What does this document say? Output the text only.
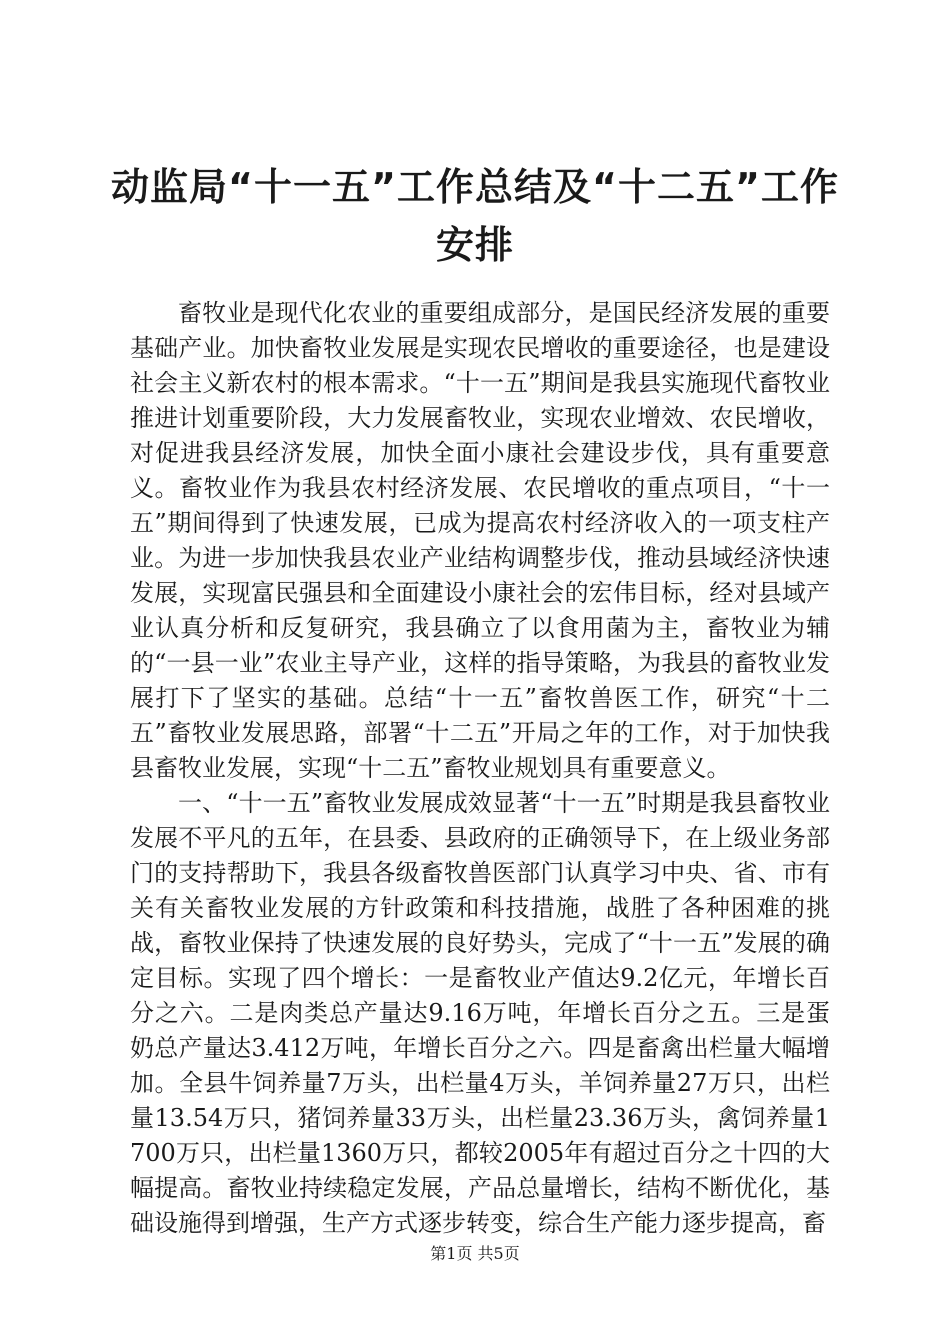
动监局“十一五”工作总结及“十二五”工作
安排

畜牧业是现代化农业的重要组成部分，是国民经济发展的重要基础产业。加快畜牧业发展是实现农民增收的重要途径，也是建设社会主义新农村的根本需求。“十一五”期间是我县实施现代畜牧业推进计划重要阶段，大力发展畜牧业，实现农业增效、农民增收，对促进我县经济发展，加快全面小康社会建设步伐，具有重要意义。畜牧业作为我县农村经济发展、农民增收的重点项目，“十一五”期间得到了快速发展，已成为提高农村经济收入的一项支柱产业。为进一步加快我县农业产业结构调整步伐，推动县域经济快速发展，实现富民强县和全面建设小康社会的宏伟目标，经对县域产业认真分析和反复研究，我县确立了以食用菌为主，畜牧业为辅的“一县一业”农业主导产业，这样的指导策略，为我县的畜牧业发展打下了坚实的基础。总结“十一五”畜牧兽医工作，研究“十二五”畜牧业发展思路，部署“十二五”开局之年的工作，对于加快我县畜牧业发展，实现“十二五”畜牧业规划具有重要意义。

一、“十一五”畜牧业发展成效显著“十一五”时期是我县畜牧业发展不平凡的五年，在县委、县政府的正确领导下，在上级业务部门的支持帮助下，我县各级畜牧兽医部门认真学习中央、省、市有关有关畜牧业发展的方针政策和科技措施，战胜了各种困难的挑战，畜牧业保持了快速发展的良好势头，完成了“十一五”发展的确定目标。实现了四个增长：一是畜牧业产值达9.2亿元，年增长百分之六。二是肉类总产量达9.16万吨，年增长百分之五。三是蛋奶总产量达3.412万吨，年增长百分之六。四是畜禽出栏量大幅增加。全县牛饲养量7万头，出栏量4万头，羊饲养量27万只，出栏量13.54万只，猪饲养量33万头，出栏量23.36万头，禽饲养量1700万只，出栏量1360万只，都较2005年有超过百分之十四的大幅提高。畜牧业持续稳定发展，产品总量增长，结构不断优化，基础设施得到增强，生产方式逐步转变，综合生产能力逐步提高，畜

第1页 共5页
